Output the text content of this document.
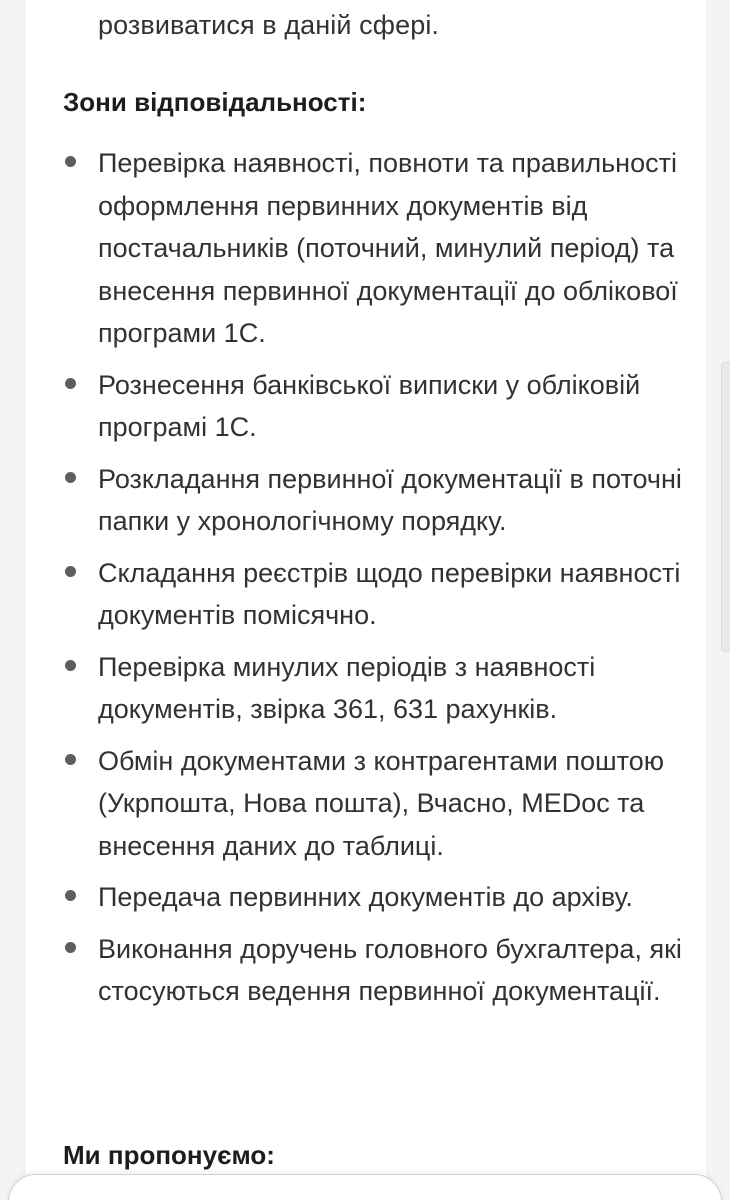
розвиватися в даній сфері.
Зони відповідальності:
Перевірка наявності, повноти та правильності оформлення первинних документів від постачальників (поточний, минулий період) та внесення первинної документації до облікової програми 1С.
Рознесення банківської виписки у обліковій програмі 1С.
Розкладання первинної документації в поточні папки у хронологічному порядку.
Складання реєстрів щодо перевірки наявності документів помісячно.
Перевірка минулих періодів з наявності документів, звірка 361, 631 рахунків.
Обмін документами з контрагентами поштою (Укрпошта, Нова пошта), Вчасно, MEDoc та внесення даних до таблиці.
Передача первинних документів до архіву.
Виконання доручень головного бухгалтера, які стосуються ведення первинної документації.
Ми пропонуємо:
